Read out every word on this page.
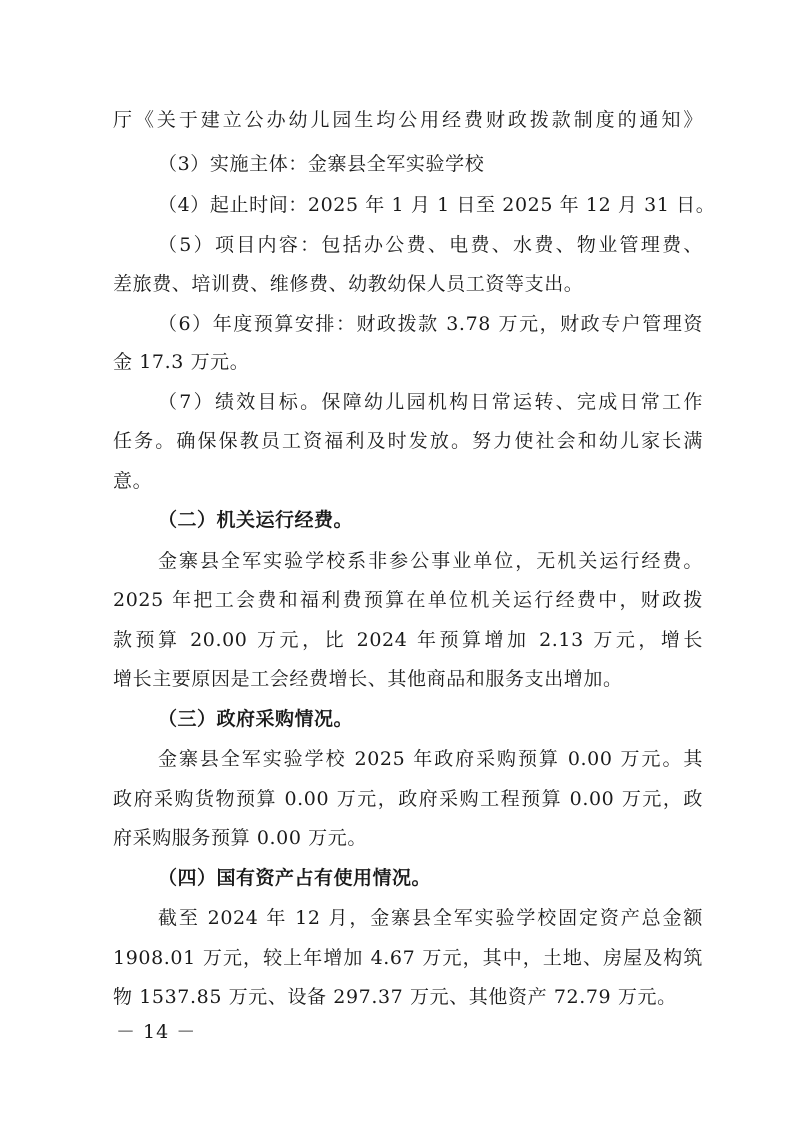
厅《关于建立公办幼儿园生均公用经费财政拨款制度的通知》
（3）实施主体：金寨县全军实验学校
（4）起止时间：2025 年 1 月 1 日至 2025 年 12 月 31 日。
（5）项目内容：包括办公费、电费、水费、物业管理费、
差旅费、培训费、维修费、幼教幼保人员工资等支出。
（6）年度预算安排：财政拨款 3.78 万元，财政专户管理资
金 17.3 万元。
（7）绩效目标。保障幼儿园机构日常运转、完成日常工作
任务。确保保教员工资福利及时发放。努力使社会和幼儿家长满
意。
（二）机关运行经费。
金寨县全军实验学校系非参公事业单位，无机关运行经费。
2025 年把工会费和福利费预算在单位机关运行经费中，财政拨
款预算 20.00 万元，比 2024 年预算增加 2.13 万元，增长
增长主要原因是工会经费增长、其他商品和服务支出增加。
（三）政府采购情况。
金寨县全军实验学校 2025 年政府采购预算 0.00 万元。其
政府采购货物预算 0.00 万元，政府采购工程预算 0.00 万元，政
府采购服务预算 0.00 万元。
（四）国有资产占有使用情况。
截至 2024 年 12 月，金寨县全军实验学校固定资产总金额
1908.01 万元，较上年增加 4.67 万元，其中，土地、房屋及构筑
物 1537.85 万元、设备 297.37 万元、其他资产 72.79 万元。
－ 14 －
